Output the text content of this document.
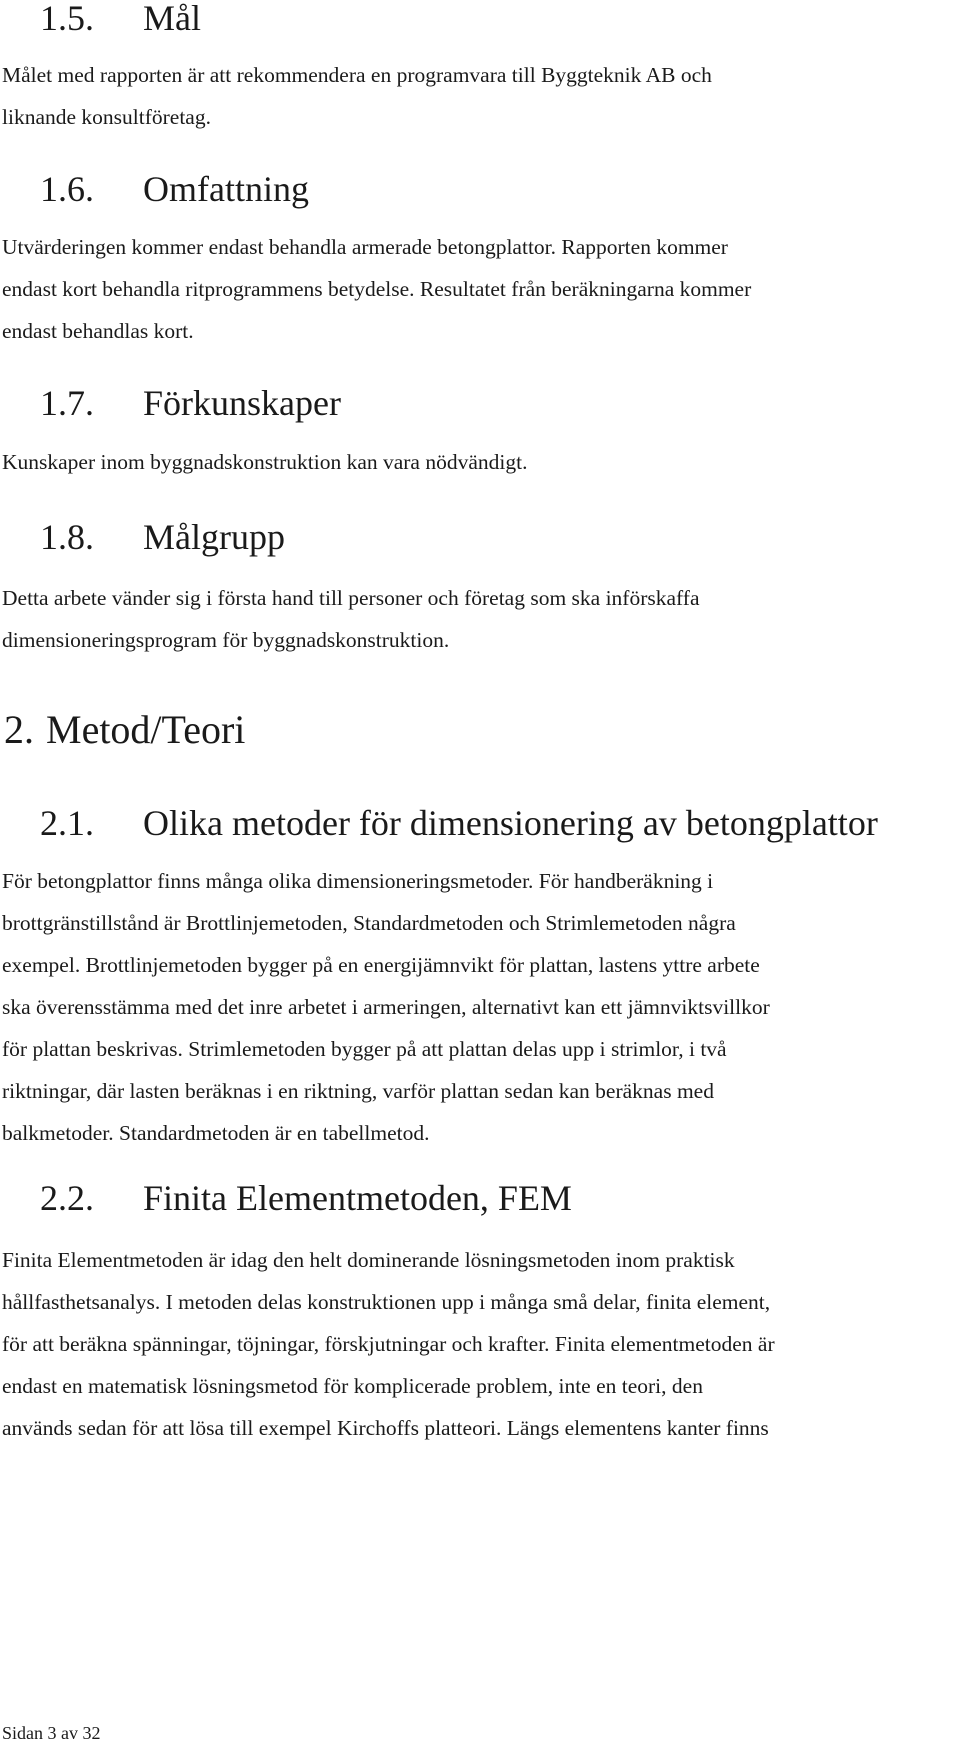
1.5. Mål
Målet med rapporten är att rekommendera en programvara till Byggteknik AB och
liknande konsultföretag.
1.6. Omfattning
Utvärderingen kommer endast behandla armerade betongplattor. Rapporten kommer
endast kort behandla ritprogrammens betydelse. Resultatet från beräkningarna kommer
endast behandlas kort.
1.7. Förkunskaper
Kunskaper inom byggnadskonstruktion kan vara nödvändigt.
1.8. Målgrupp
Detta arbete vänder sig i första hand till personer och företag som ska införskaffa
dimensioneringsprogram för byggnadskonstruktion.
2. Metod/Teori
2.1. Olika metoder för dimensionering av betongplattor
För betongplattor finns många olika dimensioneringsmetoder. För handberäkning i
brottgränstillstånd är Brottlinjemetoden, Standardmetoden och Strimlemetoden några
exempel. Brottlinjemetoden bygger på en energijämnvikt för plattan, lastens yttre arbete
ska överensstämma med det inre arbetet i armeringen, alternativt kan ett jämnviktsvillkor
för plattan beskrivas. Strimlemetoden bygger på att plattan delas upp i strimlor, i två
riktningar, där lasten beräknas i en riktning, varför plattan sedan kan beräknas med
balkmetoder. Standardmetoden är en tabellmetod.
2.2. Finita Elementmetoden, FEM
Finita Elementmetoden är idag den helt dominerande lösningsmetoden inom praktisk
hållfasthetsanalys. I metoden delas konstruktionen upp i många små delar, finita element,
för att beräkna spänningar, töjningar, förskjutningar och krafter. Finita elementmetoden är
endast en matematisk lösningsmetod för komplicerade problem, inte en teori, den
används sedan för att lösa till exempel Kirchoffs platteori. Längs elementens kanter finns
Sidan 3 av 32
